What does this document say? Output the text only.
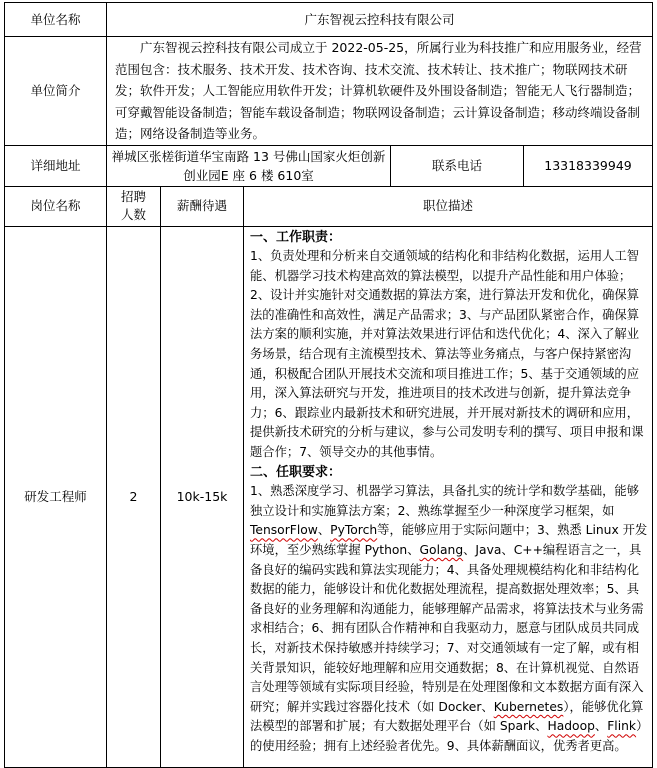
单位名称	广东智视云控科技有限公司				
单位简介	广东智视云控科技有限公司成立于 2022-05-25，所属行业为科技推广和应用服务业，经营范围包含：技术服务、技术开发、技术咨询、技术交流、技术转让、技术推广；物联网技术研发；软件开发；人工智能应用软件开发；计算机软硬件及外围设备制造；智能无人飞行器制造；可穿戴智能设备制造；智能车载设备制造；物联网设备制造；云计算设备制造；移动终端设备制造；网络设备制造等业务。				
详细地址	禅城区张槎街道华宝南路 13 号佛山国家火炬创新创业园E 座 6 楼 610室			联系电话	13318339949
岗位名称	招聘人数	薪酬待遇	职位描述		
研发工程师	2	10k-15k	一、工作职责：
1、负责处理和分析来自交通领域的结构化和非结构化数据，运用人工智能、机器学习技术构建高效的算法模型，以提升产品性能和用户体验； 2、设计并实施针对交通数据的算法方案，进行算法开发和优化，确保算法的准确性和高效性，满足产品需求；3、与产品团队紧密合作，确保算法方案的顺利实施，并对算法效果进行评估和迭代优化；4、深入了解业务场景，结合现有主流模型技术、算法等业务痛点，与客户保持紧密沟通，积极配合团队开展技术交流和项目推进工作；5、基于交通领域的应用，深入算法研究与开发，推进项目的技术改进与创新，提升算法竞争力；6、跟踪业内最新技术和研究进展，并开展对新技术的调研和应用，提供新技术研究的分析与建议，参与公司发明专利的撰写、项目申报和课题合作；7、领导交办的其他事情。
二、任职要求：
1、熟悉深度学习、机器学习算法，具备扎实的统计学和数学基础，能够独立设计和实施算法方案；2、熟练掌握至少一种深度学习框架，如 TensorFlow、PyTorch等，能够应用于实际问题中；3、熟悉 Linux 开发环境，至少熟练掌握 Python、Golang、Java、C++编程语言之一，具备良好的编码实践和算法实现能力；4、具备处理规模结构化和非结构化数据的能力，能够设计和优化数据处理流程，提高数据处理效率；5、具备良好的业务理解和沟通能力，能够理解产品需求，将算法技术与业务需求相结合；6、拥有团队合作精神和自我驱动力，愿意与团队成员共同成长，对新技术保持敏感并持续学习；7、对交通领域有一定了解，或有相关背景知识，能较好地理解和应用交通数据；8、在计算机视觉、自然语言处理等领域有实际项目经验，特别是在处理图像和文本数据方面有深入研究；解并实践过容器化技术（如 Docker、Kubernetes），能够优化算法模型的部署和扩展；有大数据处理平台（如 Spark、Hadoop、Flink）的使用经验；拥有上述经验者优先。9、具体薪酬面议，优秀者更高。		
